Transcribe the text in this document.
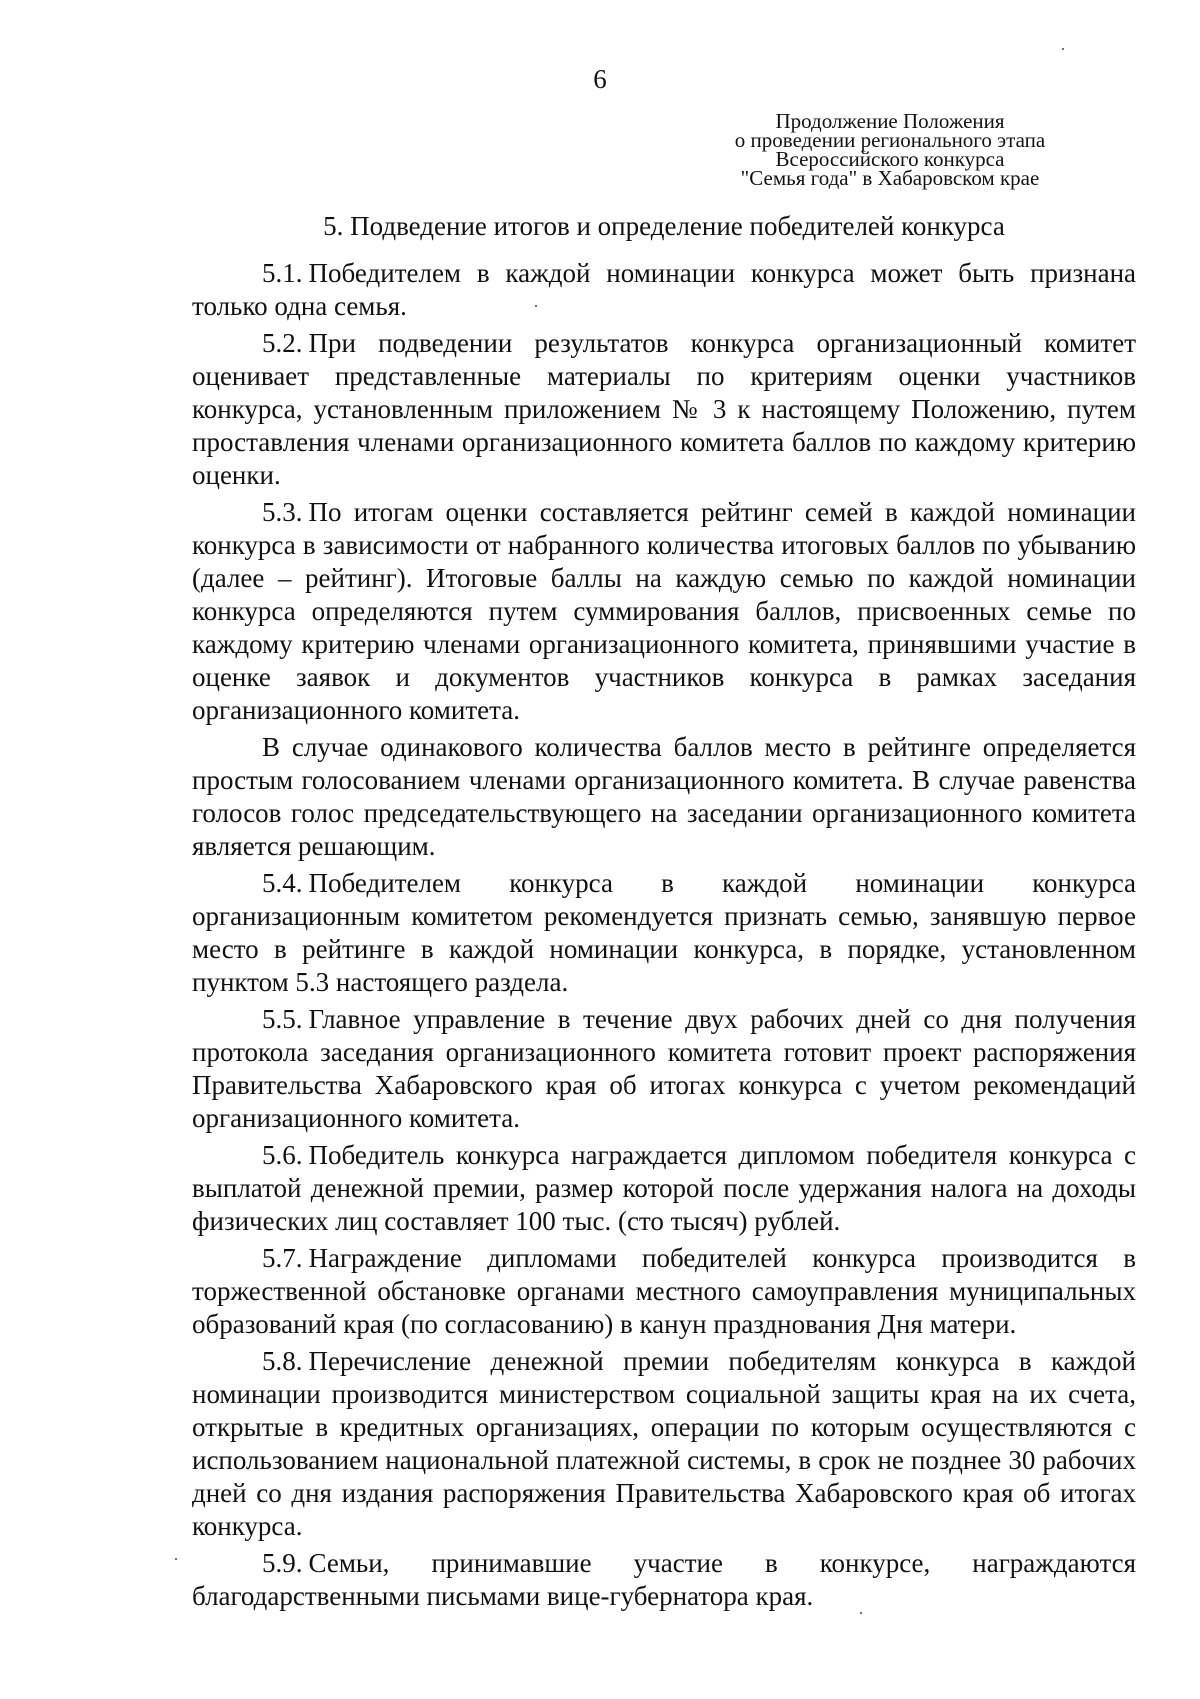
6
Продолжение Положения
о проведении регионального этапа
Всероссийского конкурса
"Семья года" в Хабаровском крае
5. Подведение итогов и определение победителей конкурса

5.1. Победителем в каждой номинации конкурса может быть признана только одна семья.

5.2. При подведении результатов конкурса организационный комитет оценивает представленные материалы по критериям оценки участников конкурса, установленным приложением № 3 к настоящему Положению, путем проставления членами организационного комитета баллов по каждому критерию оценки.

5.3. По итогам оценки составляется рейтинг семей в каждой номинации конкурса в зависимости от набранного количества итоговых баллов по убыванию (далее – рейтинг). Итоговые баллы на каждую семью по каждой номинации конкурса определяются путем суммирования баллов, присвоенных семье по каждому критерию членами организационного комитета, принявшими участие в оценке заявок и документов участников конкурса в рамках заседания организационного комитета.

В случае одинакового количества баллов место в рейтинге определяется простым голосованием членами организационного комитета. В случае равенства голосов голос председательствующего на заседании организационного комитета является решающим.

5.4. Победителем конкурса в каждой номинации конкурса организационным комитетом рекомендуется признать семью, занявшую первое место в рейтинге в каждой номинации конкурса, в порядке, установленном пунктом 5.3 настоящего раздела.

5.5. Главное управление в течение двух рабочих дней со дня получения протокола заседания организационного комитета готовит проект распоряжения Правительства Хабаровского края об итогах конкурса с учетом рекомендаций организационного комитета.

5.6. Победитель конкурса награждается дипломом победителя конкурса с выплатой денежной премии, размер которой после удержания налога на доходы физических лиц составляет 100 тыс. (сто тысяч) рублей.

5.7. Награждение дипломами победителей конкурса производится в торжественной обстановке органами местного самоуправления муниципальных образований края (по согласованию) в канун празднования Дня матери.

5.8. Перечисление денежной премии победителям конкурса в каждой номинации производится министерством социальной защиты края на их счета, открытые в кредитных организациях, операции по которым осуществляются с использованием национальной платежной системы, в срок не позднее 30 рабочих дней со дня издания распоряжения Правительства Хабаровского края об итогах конкурса.

5.9. Семьи, принимавшие участие в конкурсе, награждаются благодарственными письмами вице-губернатора края.
